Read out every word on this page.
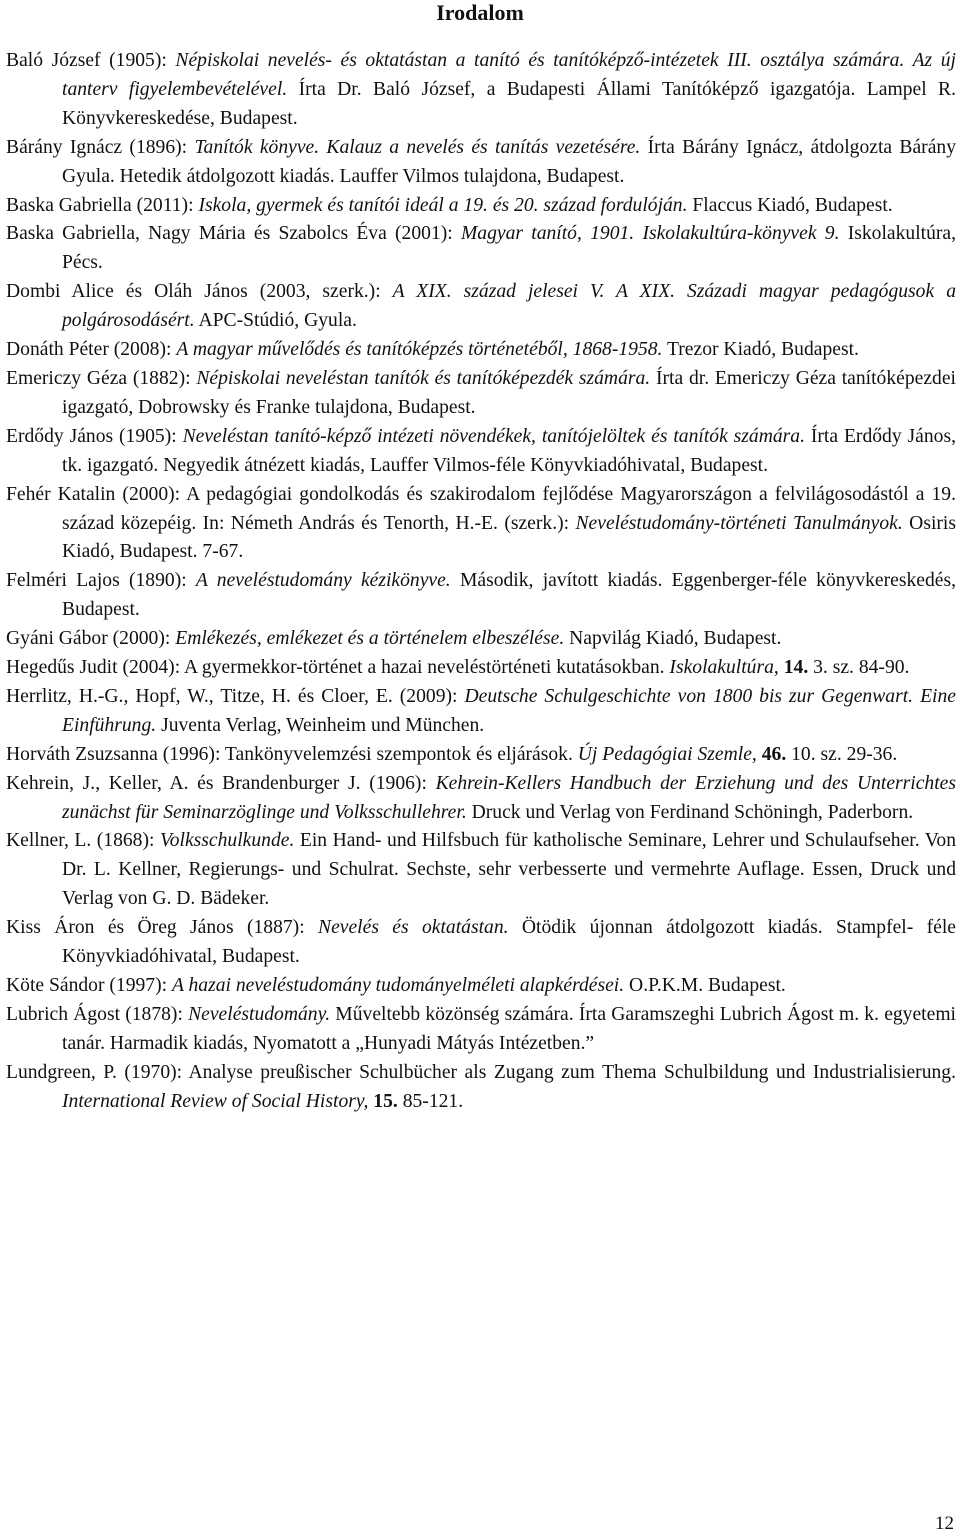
Irodalom

Baló József (1905): Népiskolai nevelés- és oktatástan a tanító és tanítóképző-intézetek III. osztálya számára. Az új tanterv figyelembevételével. Írta Dr. Baló József, a Budapesti Állami Tanítóképző igazgatója. Lampel R. Könyvkereskedése, Budapest.

Bárány Ignácz (1896): Tanítók könyve. Kalauz a nevelés és tanítás vezetésére. Írta Bárány Ignácz, átdolgozta Bárány Gyula. Hetedik átdolgozott kiadás. Lauffer Vilmos tulajdona, Budapest.

Baska Gabriella (2011): Iskola, gyermek és tanítói ideál a 19. és 20. század fordulóján. Flaccus Kiadó, Budapest.

Baska Gabriella, Nagy Mária és Szabolcs Éva (2001): Magyar tanító, 1901. Iskolakultúra-könyvek 9. Iskolakultúra, Pécs.

Dombi Alice és Oláh János (2003, szerk.): A XIX. század jelesei V. A XIX. Századi magyar pedagógusok a polgárosodásért. APC-Stúdió, Gyula.

Donáth Péter (2008): A magyar művelődés és tanítóképzés történetéből, 1868-1958. Trezor Kiadó, Budapest.

Emericzy Géza (1882): Népiskolai neveléstan tanítók és tanítóképezdék számára. Írta dr. Emericzy Géza tanítóképezdei igazgató, Dobrowsky és Franke tulajdona, Budapest.

Erdődy János (1905): Neveléstan tanító-képző intézeti növendékek, tanítójelöltek és tanítók számára. Írta Erdődy János, tk. igazgató. Negyedik átnézett kiadás, Lauffer Vilmos-féle Könyvkiadóhivatal, Budapest.

Fehér Katalin (2000): A pedagógiai gondolkodás és szakirodalom fejlődése Magyarországon a felvilágosodástól a 19. század közepéig. In: Németh András és Tenorth, H.-E. (szerk.): Neveléstudomány-történeti Tanulmányok. Osiris Kiadó, Budapest. 7-67.

Felméri Lajos (1890): A neveléstudomány kézikönyve. Második, javított kiadás. Eggenberger-féle könyvkereskedés, Budapest.

Gyáni Gábor (2000): Emlékezés, emlékezet és a történelem elbeszélése. Napvilág Kiadó, Budapest.

Hegedűs Judit (2004): A gyermekkor-történet a hazai neveléstörténeti kutatásokban. Iskolakultúra, 14. 3. sz. 84-90.

Herrlitz, H.-G., Hopf, W., Titze, H. és Cloer, E. (2009): Deutsche Schulgeschichte von 1800 bis zur Gegenwart. Eine Einführung. Juventa Verlag, Weinheim und München.

Horváth Zsuzsanna (1996): Tankönyvelemzési szempontok és eljárások. Új Pedagógiai Szemle, 46. 10. sz. 29-36.

Kehrein, J., Keller, A. és Brandenburger J. (1906): Kehrein-Kellers Handbuch der Erziehung und des Unterrichtes zunächst für Seminarzöglinge und Volksschullehrer. Druck und Verlag von Ferdinand Schöningh, Paderborn.

Kellner, L. (1868): Volksschulkunde. Ein Hand- und Hilfsbuch für katholische Seminare, Lehrer und Schulaufseher. Von Dr. L. Kellner, Regierungs- und Schulrat. Sechste, sehr verbesserte und vermehrte Auflage. Essen, Druck und Verlag von G. D. Bädeker.

Kiss Áron és Öreg János (1887): Nevelés és oktatástan. Ötödik újonnan átdolgozott kiadás. Stampfel- féle Könyvkiadóhivatal, Budapest.

Köte Sándor (1997): A hazai neveléstudomány tudományelméleti alapkérdései. O.P.K.M. Budapest.

Lubrich Ágost (1878): Neveléstudomány. Műveltebb közönség számára. Írta Garamszeghi Lubrich Ágost m. k. egyetemi tanár. Harmadik kiadás, Nyomatott a „Hunyadi Mátyás Intézetben.”

Lundgreen, P. (1970): Analyse preußischer Schulbücher als Zugang zum Thema Schulbildung und Industrialisierung. International Review of Social History, 15. 85-121.

12
